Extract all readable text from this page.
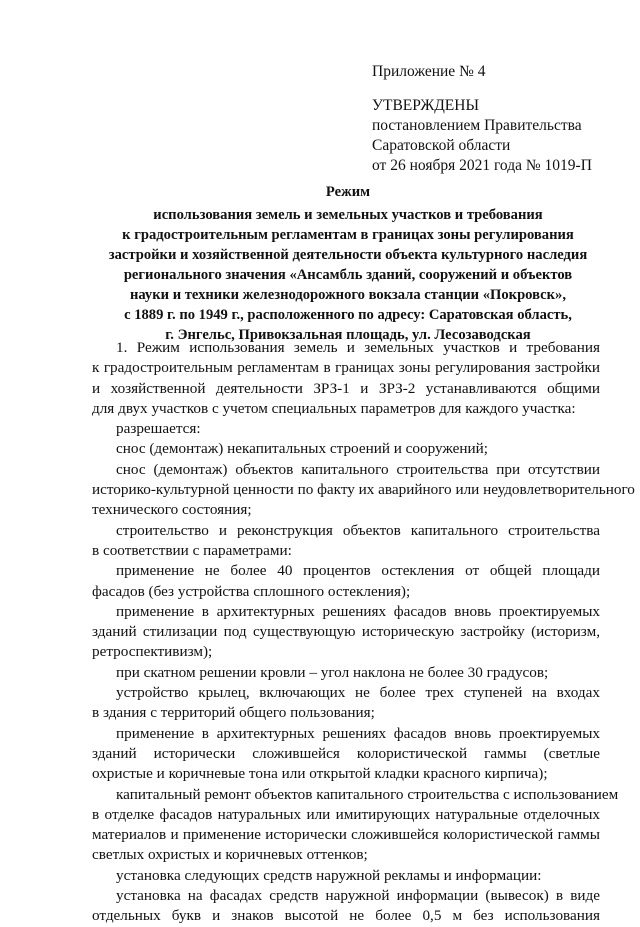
Приложение № 4
УТВЕРЖДЕНЫ
постановлением Правительства
Саратовской области
от 26 ноября 2021 года № 1019-П
Режим
использования земель и земельных участков и требования
к градостроительным регламентам в границах зоны регулирования
застройки и хозяйственной деятельности объекта культурного наследия
регионального значения «Ансамбль зданий, сооружений и объектов
науки и техники железнодорожного вокзала станции «Покровск»,
с 1889 г. по 1949 г., расположенного по адресу: Саратовская область,
г. Энгельс, Привокзальная площадь, ул. Лесозаводская
1. Режим использования земель и земельных участков и требования
к градостроительным регламентам в границах зоны регулирования застройки
и хозяйственной деятельности ЗРЗ-1 и ЗРЗ-2 устанавливаются общими
для двух участков с учетом специальных параметров для каждого участка:
разрешается:
снос (демонтаж) некапитальных строений и сооружений;
снос (демонтаж) объектов капитального строительства при отсутствии
историко-культурной ценности по факту их аварийного или неудовлетворительного
технического состояния;
строительство и реконструкция объектов капитального строительства
в соответствии с параметрами:
применение не более 40 процентов остекления от общей площади
фасадов (без устройства сплошного остекления);
применение в архитектурных решениях фасадов вновь проектируемых
зданий стилизации под существующую историческую застройку (историзм,
ретроспективизм);
при скатном решении кровли – угол наклона не более 30 градусов;
устройство крылец, включающих не более трех ступеней на входах
в здания с территорий общего пользования;
применение в архитектурных решениях фасадов вновь проектируемых
зданий исторически сложившейся колористической гаммы (светлые
охристые и коричневые тона или открытой кладки красного кирпича);
капитальный ремонт объектов капитального строительства с использованием
в отделке фасадов натуральных или имитирующих натуральные отделочных
материалов и применение исторически сложившейся колористической гаммы
светлых охристых и коричневых оттенков;
установка следующих средств наружной рекламы и информации:
установка на фасадах средств наружной информации (вывесок) в виде
отдельных букв и знаков высотой не более 0,5 м без использования
